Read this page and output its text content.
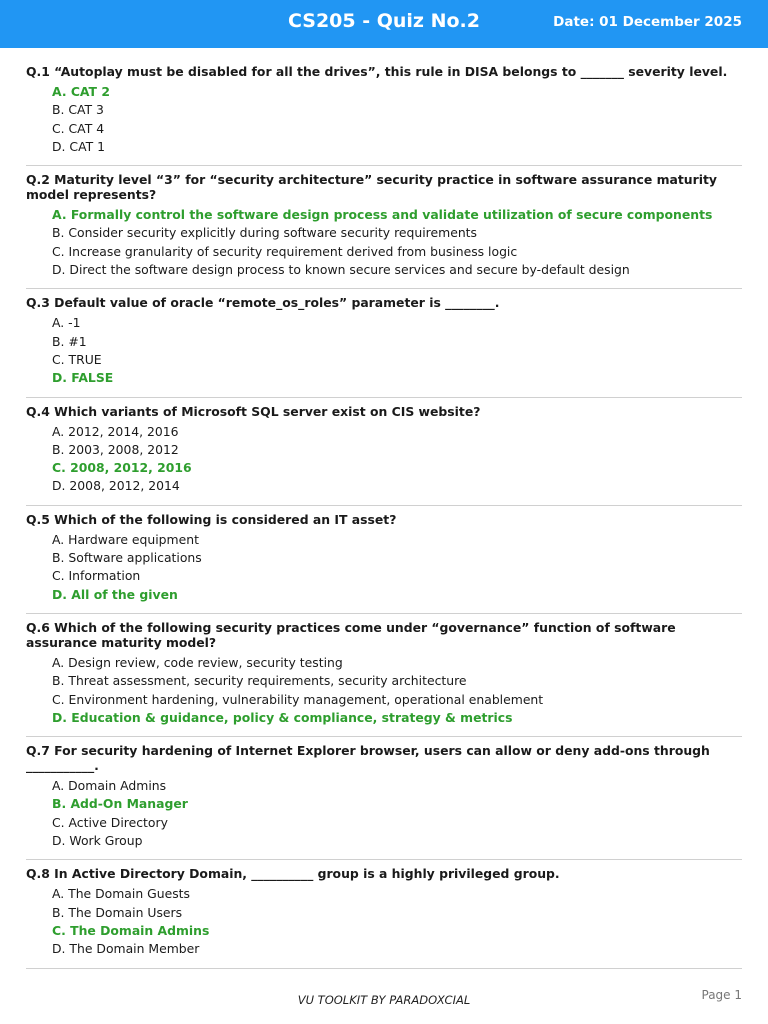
CS205 - Quiz No.2	Date: 01 December 2025
Q.1 “Autoplay must be disabled for all the drives”, this rule in DISA belongs to _______ severity level.
A. CAT 2
B. CAT 3
C. CAT 4
D. CAT 1
Q.2 Maturity level “3” for “security architecture” security practice in software assurance maturity model represents?
A. Formally control the software design process and validate utilization of secure components
B. Consider security explicitly during software security requirements
C. Increase granularity of security requirement derived from business logic
D. Direct the software design process to known secure services and secure by-default design
Q.3 Default value of oracle “remote_os_roles” parameter is ________.
A. -1
B. #1
C. TRUE
D. FALSE
Q.4 Which variants of Microsoft SQL server exist on CIS website?
A. 2012, 2014, 2016
B. 2003, 2008, 2012
C. 2008, 2012, 2016
D. 2008, 2012, 2014
Q.5 Which of the following is considered an IT asset?
A. Hardware equipment
B. Software applications
C. Information
D. All of the given
Q.6 Which of the following security practices come under “governance” function of software assurance maturity model?
A. Design review, code review, security testing
B. Threat assessment, security requirements, security architecture
C. Environment hardening, vulnerability management, operational enablement
D. Education & guidance, policy & compliance, strategy & metrics
Q.7 For security hardening of Internet Explorer browser, users can allow or deny add-ons through ___________.
A. Domain Admins
B. Add-On Manager
C. Active Directory
D. Work Group
Q.8 In Active Directory Domain, __________ group is a highly privileged group.
A. The Domain Guests
B. The Domain Users
C. The Domain Admins
D. The Domain Member
VU TOOLKIT BY PARADOXCIAL	Page 1
